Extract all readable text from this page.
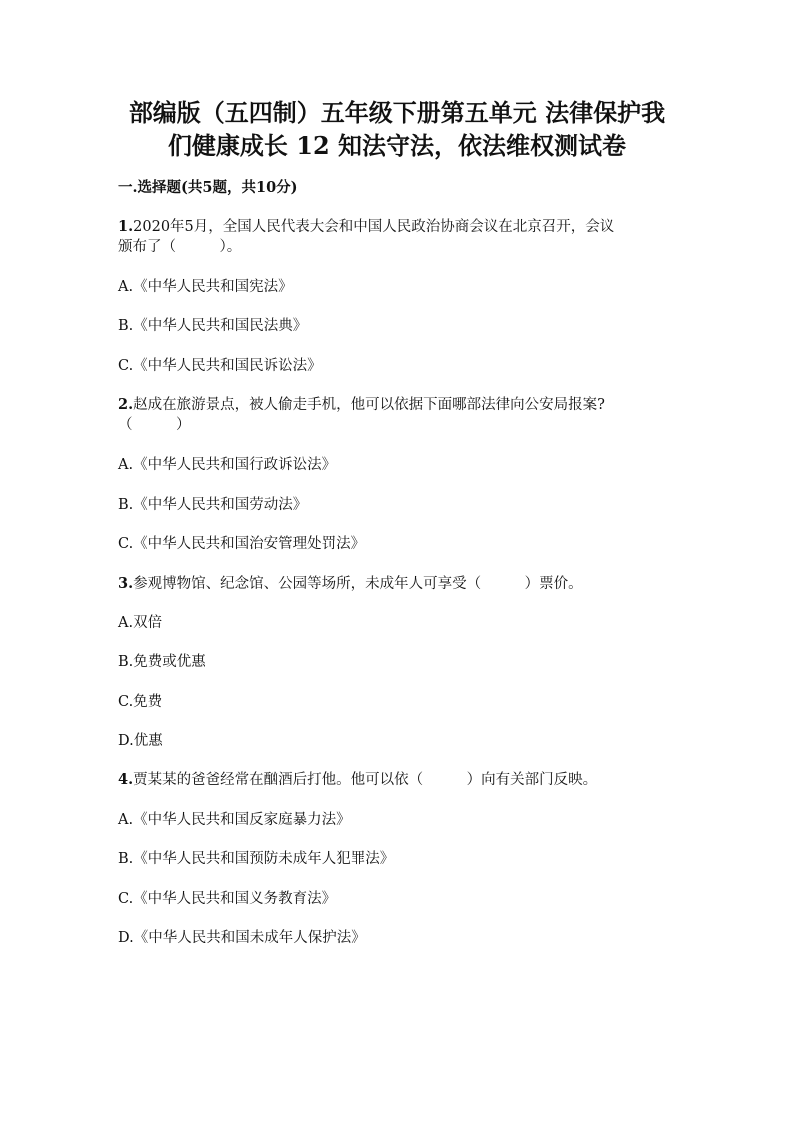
部编版（五四制）五年级下册第五单元 法律保护我
们健康成长 12 知法守法，依法维权测试卷

一.选择题(共5题，共10分)

1.2020年5月，全国人民代表大会和中国人民政治协商会议在北京召开，会议

颁布了（　　　）。

A.《中华人民共和国宪法》

B.《中华人民共和国民法典》

C.《中华人民共和国民诉讼法》

2.赵成在旅游景点，被人偷走手机，他可以依据下面哪部法律向公安局报案?

（　　　）

A.《中华人民共和国行政诉讼法》

B.《中华人民共和国劳动法》

C.《中华人民共和国治安管理处罚法》

3.参观博物馆、纪念馆、公园等场所，未成年人可享受（　　　）票价。

A.双倍

B.免费或优惠

C.免费

D.优惠

4.贾某某的爸爸经常在酗酒后打他。他可以依（　　　）向有关部门反映。

A.《中华人民共和国反家庭暴力法》

B.《中华人民共和国预防未成年人犯罪法》

C.《中华人民共和国义务教育法》

D.《中华人民共和国未成年人保护法》
